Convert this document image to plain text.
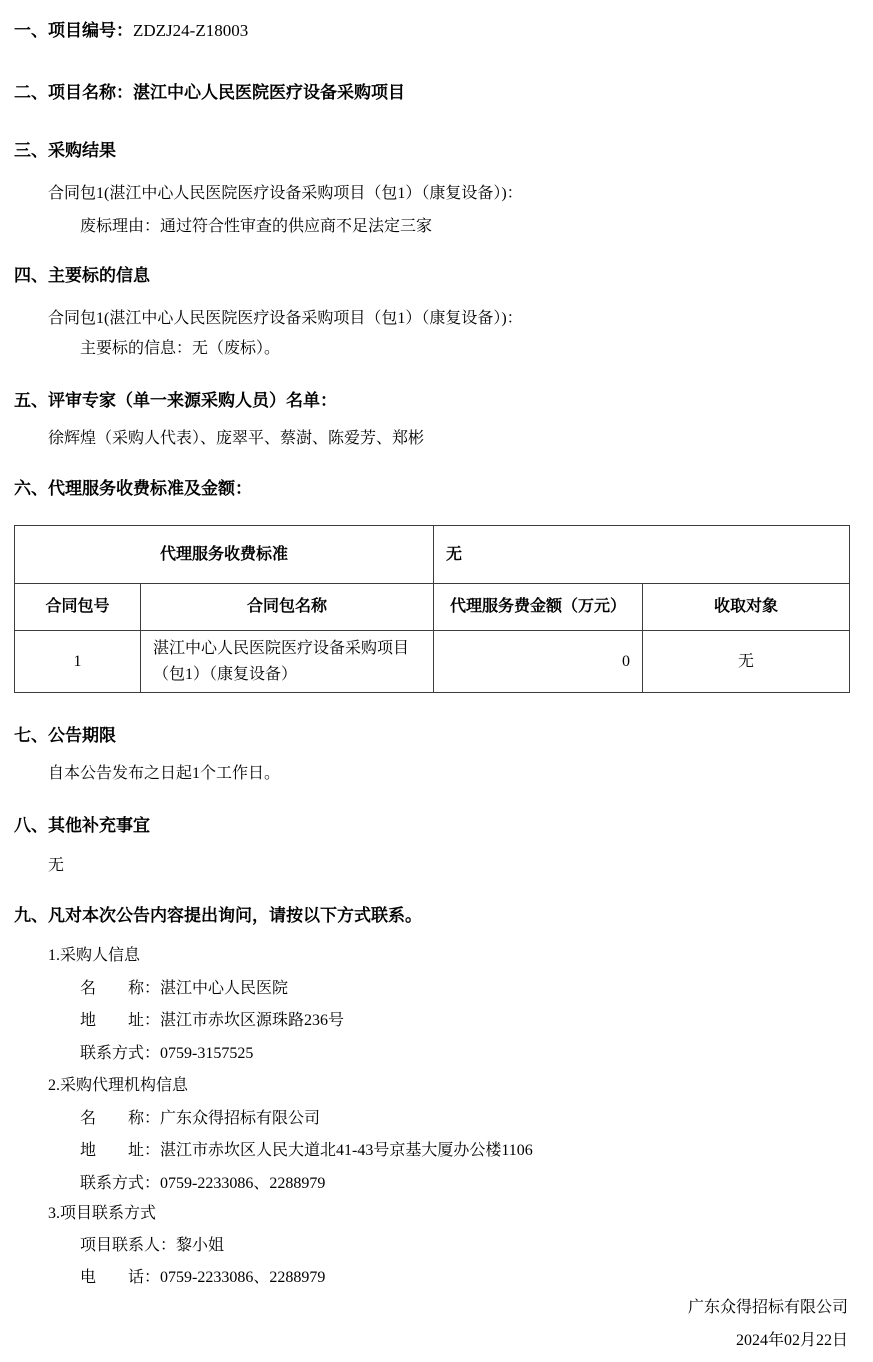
一、项目编号：ZDZJ24-Z18003
二、项目名称：湛江中心人民医院医疗设备采购项目
三、采购结果
合同包1(湛江中心人民医院医疗设备采购项目（包1）（康复设备）)：
废标理由：通过符合性审查的供应商不足法定三家
四、主要标的信息
合同包1(湛江中心人民医院医疗设备采购项目（包1）（康复设备）)：
主要标的信息：无（废标）。
五、评审专家（单一来源采购人员）名单：
徐辉煌（采购人代表）、庞翠平、蔡澍、陈爱芳、郑彬
六、代理服务收费标准及金额：
代理服务收费标准		无	
合同包号	合同包名称	代理服务费金额（万元）	收取对象
1	湛江中心人民医院医疗设备采购项目（包1）（康复设备）	0	无
七、公告期限
自本公告发布之日起1个工作日。
八、其他补充事宜
无
九、凡对本次公告内容提出询问，请按以下方式联系。
1.采购人信息
名　　称：湛江中心人民医院
地　　址：湛江市赤坎区源珠路236号
联系方式：0759-3157525
2.采购代理机构信息
名　　称：广东众得招标有限公司
地　　址：湛江市赤坎区人民大道北41-43号京基大厦办公楼1106
联系方式：0759-2233086、2288979
3.项目联系方式
项目联系人：黎小姐
电　　话：0759-2233086、2288979
广东众得招标有限公司
2024年02月22日
